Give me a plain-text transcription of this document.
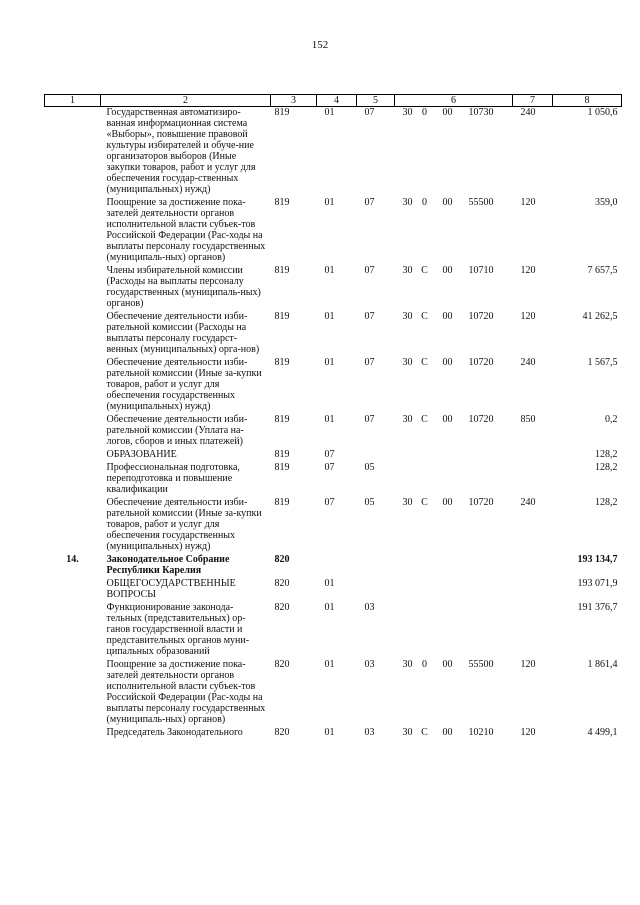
152
1	2	3	4	5	6				7	8
	Государственная автоматизиро-ванная информационная система «Выборы», повышение правовой культуры избирателей и обуче-ние организаторов выборов (Иные закупки товаров, работ и услуг для обеспечения государ-ственных (муниципальных) нужд)	819	01	07	30	0	00	10730	240	1 050,6
	Поощрение за достижение пока-зателей деятельности органов исполнительной власти субъек-тов Российской Федерации (Рас-ходы на выплаты персоналу государственных (муниципаль-ных) органов)	819	01	07	30	0	00	55500	120	359,0
	Члены избирательной комиссии (Расходы на выплаты персоналу государственных (муниципаль-ных) органов)	819	01	07	30	С	00	10710	120	7 657,5
	Обеспечение деятельности изби-рательной комиссии (Расходы на выплаты персоналу государст-венных (муниципальных) орга-нов)	819	01	07	30	С	00	10720	120	41 262,5
	Обеспечение деятельности изби-рательной комиссии (Иные за-купки товаров, работ и услуг для обеспечения государственных (муниципальных) нужд)	819	01	07	30	С	00	10720	240	1 567,5
	Обеспечение деятельности изби-рательной комиссии (Уплата на-логов, сборов и иных платежей)	819	01	07	30	С	00	10720	850	0,2
	ОБРАЗОВАНИЕ	819	07							128,2
	Профессиональная подготовка, переподготовка и повышение квалификации	819	07	05						128,2
	Обеспечение деятельности изби-рательной комиссии (Иные за-купки товаров, работ и услуг для обеспечения государственных (муниципальных) нужд)	819	07	05	30	С	00	10720	240	128,2
14.	Законодательное Собрание Республики Карелия	820								193 134,7
	ОБЩЕГОСУДАРСТВЕННЫЕ ВОПРОСЫ	820	01							193 071,9
	Функционирование законода-тельных (представительных) ор-ганов государственной власти и представительных органов муни-ципальных образований	820	01	03						191 376,7
	Поощрение за достижение пока-зателей деятельности органов исполнительной власти субъек-тов Российской Федерации (Рас-ходы на выплаты персоналу государственных (муниципаль-ных) органов)	820	01	03	30	0	00	55500	120	1 861,4
	Председатель Законодательного	820	01	03	30	С	00	10210	120	4 499,1
